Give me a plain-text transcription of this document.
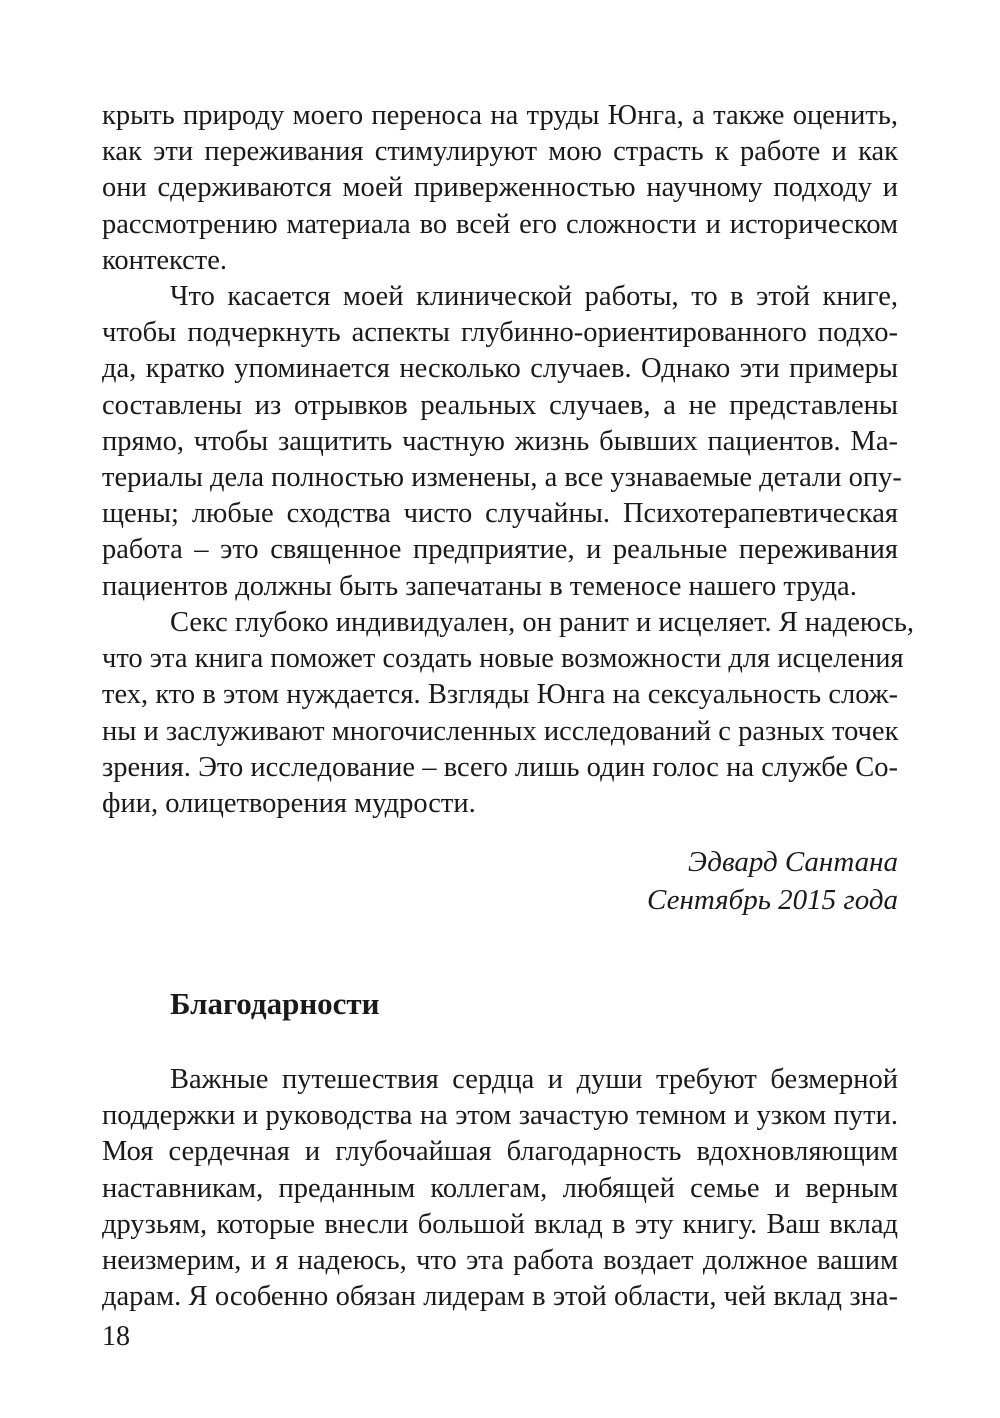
крыть природу моего переноса на труды Юнга, а также оценить,
как эти переживания стимулируют мою страсть к работе и как
они сдерживаются моей приверженностью научному подходу и
рассмотрению материала во всей его сложности и историческом
контексте.
Что касается моей клинической работы, то в этой книге,
чтобы подчеркнуть аспекты глубинно-ориентированного подхо-
да, кратко упоминается несколько случаев. Однако эти примеры
составлены из отрывков реальных случаев, а не представлены
прямо, чтобы защитить частную жизнь бывших пациентов. Ма-
териалы дела полностью изменены, а все узнаваемые детали опу-
щены; любые сходства чисто случайны. Психотерапевтическая
работа – это священное предприятие, и реальные переживания
пациентов должны быть запечатаны в теменосе нашего труда.
Секс глубоко индивидуален, он ранит и исцеляет. Я надеюсь,
что эта книга поможет создать новые возможности для исцеления
тех, кто в этом нуждается. Взгляды Юнга на сексуальность слож-
ны и заслуживают многочисленных исследований с разных точек
зрения. Это исследование – всего лишь один голос на службе Со-
фии, олицетворения мудрости.
Эдвард Сантана
Сентябрь 2015 года
Благодарности
Важные путешествия сердца и души требуют безмерной
поддержки и руководства на этом зачастую темном и узком пути.
Моя сердечная и глубочайшая благодарность вдохновляющим
наставникам, преданным коллегам, любящей семье и верным
друзьям, которые внесли большой вклад в эту книгу. Ваш вклад
неизмерим, и я надеюсь, что эта работа воздает должное вашим
дарам. Я особенно обязан лидерам в этой области, чей вклад зна-
18
